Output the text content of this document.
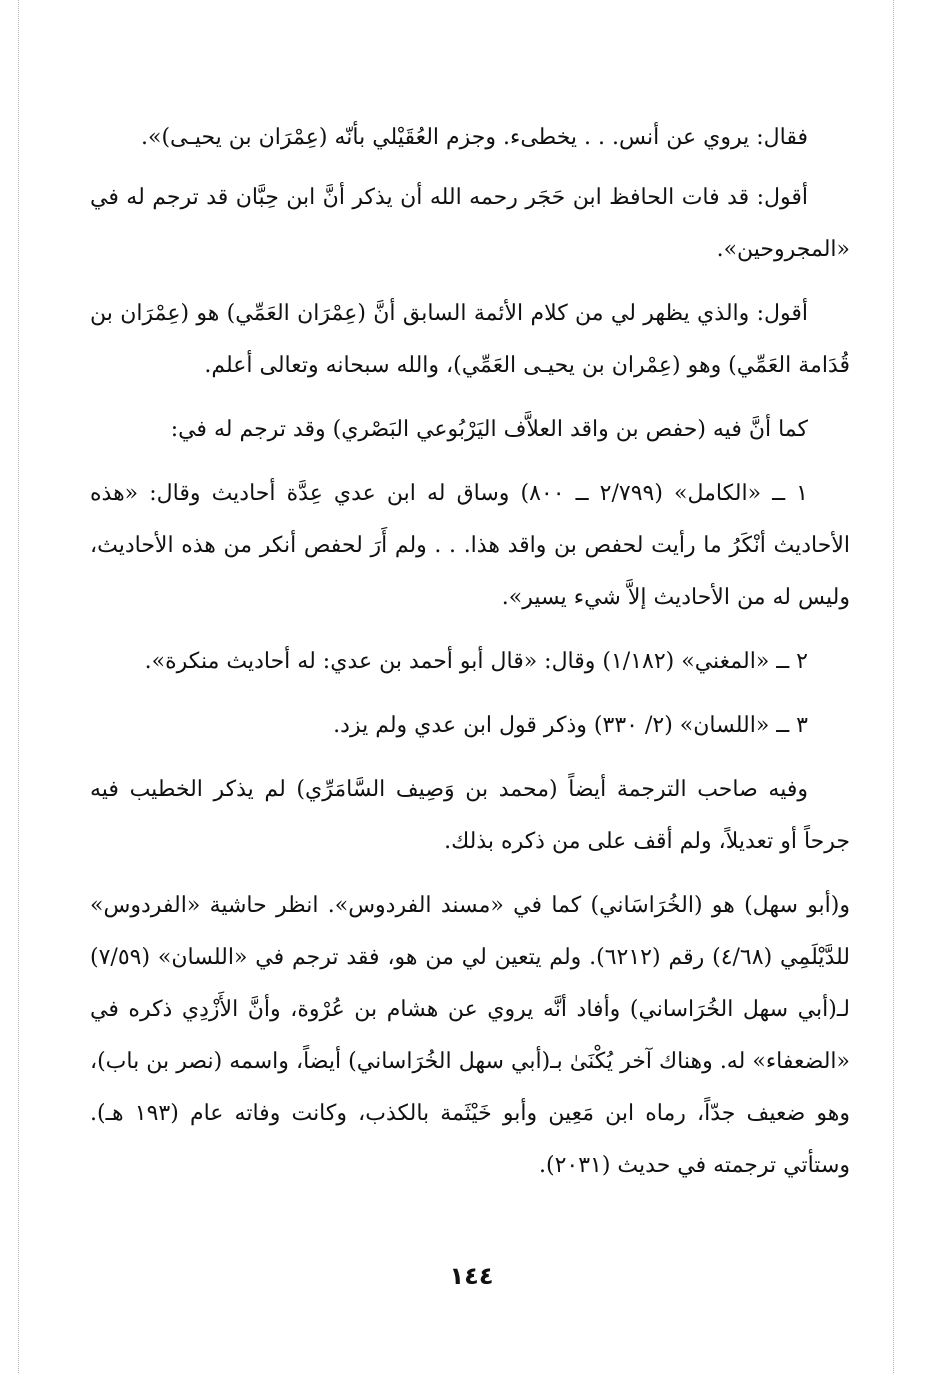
فقال: يروي عن أنس. . . يخطىء. وجزم العُقَيْلي بأنّه (عِمْرَان بن يحيـى)».

أقول: قد فات الحافظ ابن حَجَر رحمه الله أن يذكر أنَّ ابن حِبَّان قد ترجم له في «المجروحين».

أقول: والذي يظهر لي من كلام الأئمة السابق أنَّ (عِمْرَان العَمِّي) هو (عِمْرَان بن قُدَامة العَمِّي) وهو (عِمْران بن يحيـى العَمِّي)، والله سبحانه وتعالى أعلم.

كما أنَّ فيه (حفص بن واقد العلاَّف اليَرْبُوعي البَصْري) وقد ترجم له في:

١ ــ «الكامل» (٢/٧٩٩ ــ ٨٠٠) وساق له ابن عدي عِدَّة أحاديث وقال: «هذه الأحاديث أنْكَرُ ما رأيت لحفص بن واقد هذا. . . ولم أَرَ لحفص أنكر من هذه الأحاديث، وليس له من الأحاديث إلاَّ شيء يسير».

٢ ــ «المغني» (١/١٨٢) وقال: «قال أبو أحمد بن عدي: له أحاديث منكرة».

٣ ــ «اللسان» (٢/ ٣٣٠) وذكر قول ابن عدي ولم يزد.

وفيه صاحب الترجمة أيضاً (محمد بن وَصِيف السَّامَرِّي) لم يذكر الخطيب فيه جرحاً أو تعديلاً، ولم أقف على من ذكره بذلك.

و(أبو سهل) هو (الخُرَاسَاني) كما في «مسند الفردوس». انظر حاشية «الفردوس» للدَّيْلَمِي (٤/٦٨) رقم (٦٢١٢). ولم يتعين لي من هو، فقد ترجم في «اللسان» (٧/٥٩) لـ(أبي سهل الخُرَاساني) وأفاد أنَّه يروي عن هشام بن عُرْوة، وأنَّ الأَزْدِي ذكره في «الضعفاء» له. وهناك آخر يُكْنَىٰ بـ(أبي سهل الخُرَاساني) أيضاً، واسمه (نصر بن باب)، وهو ضعيف جدّاً، رماه ابن مَعِين وأبو خَيْثَمة بالكذب، وكانت وفاته عام (١٩٣ هـ). وستأتي ترجمته في حديث (٢٠٣١).

١٤٤
